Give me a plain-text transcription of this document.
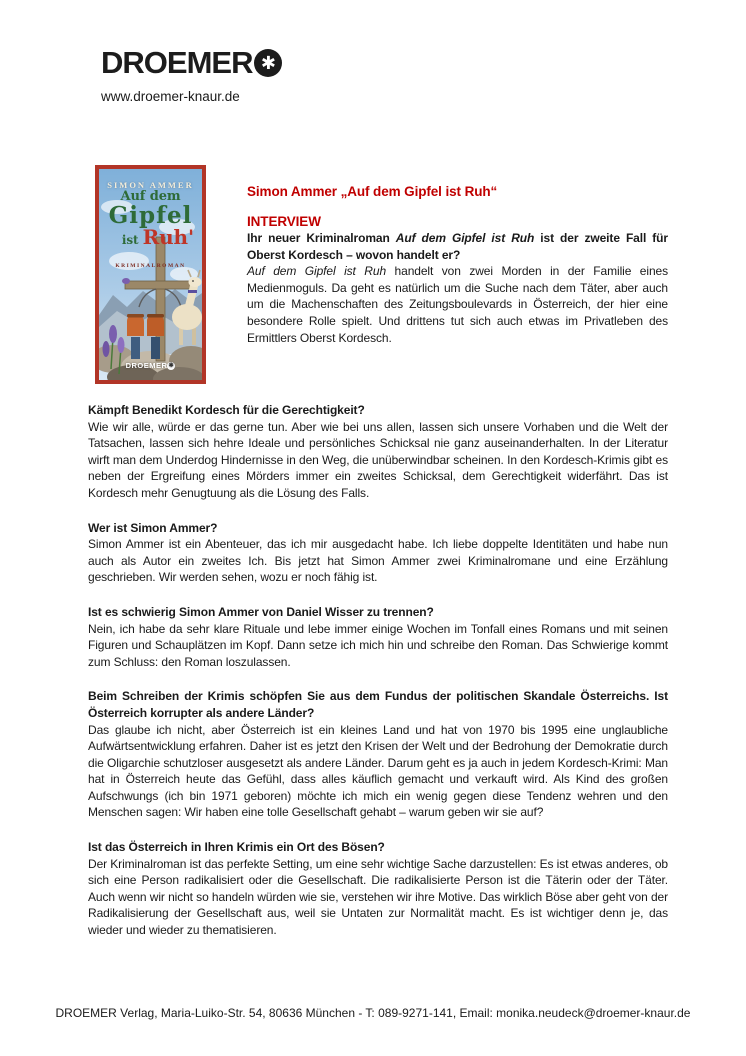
DROEMER ✱
www.droemer-knaur.de
SIMON AMMER
Auf dem
Gipfel
ist Ruh'
KRIMINALROMAN
DROEMER✱

Simon Ammer „Auf dem Gipfel ist Ruh“

INTERVIEW

Ihr neuer Kriminalroman Auf dem Gipfel ist Ruh ist der zweite Fall für Oberst Kordesch – wovon handelt er?

Auf dem Gipfel ist Ruh handelt von zwei Morden in der Familie eines Medienmoguls. Da geht es natürlich um die Suche nach dem Täter, aber auch um die Machenschaften des Zeitungsboulevards in Österreich, der hier eine besondere Rolle spielt. Und drittens tut sich auch etwas im Privatleben des Ermittlers Oberst Kordesch.

Kämpft Benedikt Kordesch für die Gerechtigkeit?

Wie wir alle, würde er das gerne tun. Aber wie bei uns allen, lassen sich unsere Vorhaben und die Welt der Tatsachen, lassen sich hehre Ideale und persönliches Schicksal nie ganz auseinanderhalten. In der Literatur wirft man dem Underdog Hindernisse in den Weg, die unüberwindbar scheinen. In den Kordesch-Krimis gibt es neben der Ergreifung eines Mörders immer ein zweites Schicksal, dem Gerechtigkeit widerfährt. Das ist Kordesch mehr Genugtuung als die Lösung des Falls.

Wer ist Simon Ammer?

Simon Ammer ist ein Abenteuer, das ich mir ausgedacht habe. Ich liebe doppelte Identitäten und habe nun auch als Autor ein zweites Ich. Bis jetzt hat Simon Ammer zwei Kriminalromane und eine Erzählung geschrieben. Wir werden sehen, wozu er noch fähig ist.

Ist es schwierig Simon Ammer von Daniel Wisser zu trennen?

Nein, ich habe da sehr klare Rituale und lebe immer einige Wochen im Tonfall eines Romans und mit seinen Figuren und Schauplätzen im Kopf. Dann setze ich mich hin und schreibe den Roman. Das Schwierige kommt zum Schluss: den Roman loszulassen.

Beim Schreiben der Krimis schöpfen Sie aus dem Fundus der politischen Skandale Österreichs. Ist Österreich korrupter als andere Länder?

Das glaube ich nicht, aber Österreich ist ein kleines Land und hat von 1970 bis 1995 eine unglaubliche Aufwärtsentwicklung erfahren. Daher ist es jetzt den Krisen der Welt und der Bedrohung der Demokratie durch die Oligarchie schutzloser ausgesetzt als andere Länder. Darum geht es ja auch in jedem Kordesch-Krimi: Man hat in Österreich heute das Gefühl, dass alles käuflich gemacht und verkauft wird. Als Kind des großen Aufschwungs (ich bin 1971 geboren) möchte ich mich ein wenig gegen diese Tendenz wehren und den Menschen sagen: Wir haben eine tolle Gesellschaft gehabt – warum geben wir sie auf?

Ist das Österreich in Ihren Krimis ein Ort des Bösen?

Der Kriminalroman ist das perfekte Setting, um eine sehr wichtige Sache darzustellen: Es ist etwas anderes, ob sich eine Person radikalisiert oder die Gesellschaft. Die radikalisierte Person ist die Täterin oder der Täter. Auch wenn wir nicht so handeln würden wie sie, verstehen wir ihre Motive. Das wirklich Böse aber geht von der Radikalisierung der Gesellschaft aus, weil sie Untaten zur Normalität macht. Es ist wichtiger denn je, das wieder und wieder zu thematisieren.

DROEMER Verlag, Maria-Luiko-Str. 54, 80636 München - T: 089-9271-141, Email: monika.neudeck@droemer-knaur.de
